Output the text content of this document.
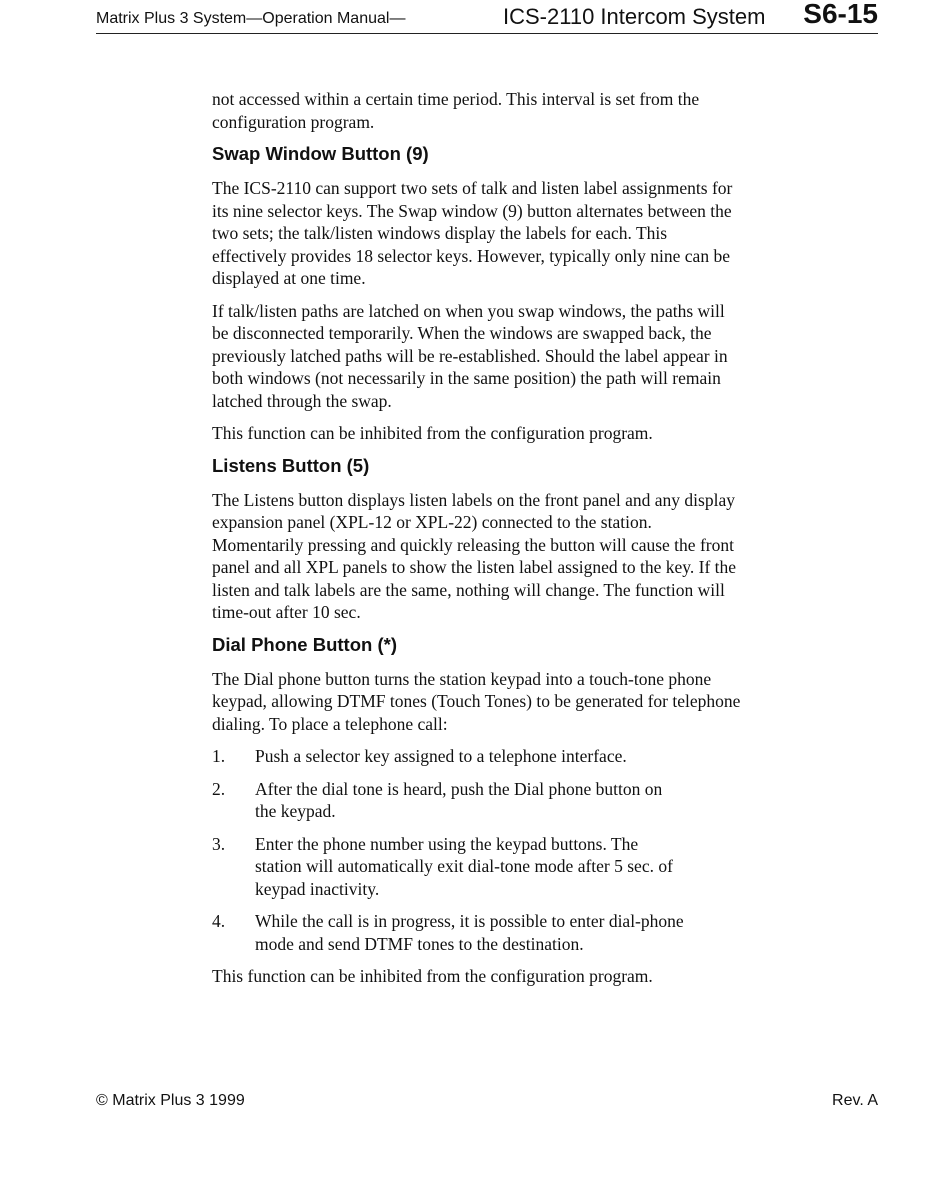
Matrix Plus 3 System—Operation Manual—	ICS-2110 Intercom System S6-15

not accessed within a certain time period. This interval is set from the configuration program.

Swap Window Button (9)

The ICS-2110 can support two sets of talk and listen label assignments for its nine selector keys. The Swap window (9) button alternates between the two sets; the talk/listen windows display the labels for each. This effectively provides 18 selector keys. However, typically only nine can be displayed at one time.

If talk/listen paths are latched on when you swap windows, the paths will be disconnected temporarily. When the windows are swapped back, the previously latched paths will be re-established. Should the label appear in both windows (not necessarily in the same position) the path will remain latched through the swap.

This function can be inhibited from the configuration program.

Listens Button (5)

The Listens button displays listen labels on the front panel and any display expansion panel (XPL-12 or XPL-22) connected to the station. Momentarily pressing and quickly releasing the button will cause the front panel and all XPL panels to show the listen label assigned to the key. If the listen and talk labels are the same, nothing will change. The function will time-out after 10 sec.

Dial Phone Button (*)

The Dial phone button turns the station keypad into a touch-tone phone keypad, allowing DTMF tones (Touch Tones) to be generated for telephone dialing. To place a telephone call:

1.	Push a selector key assigned to a telephone interface.
2.	After the dial tone is heard, push the Dial phone button on the keypad.
3.	Enter the phone number using the keypad buttons. The station will automatically exit dial-tone mode after 5 sec. of keypad inactivity.
4.	While the call is in progress, it is possible to enter dial-phone mode and send DTMF tones to the destination.

This function can be inhibited from the configuration program.

© Matrix Plus 3 1999	Rev. A
